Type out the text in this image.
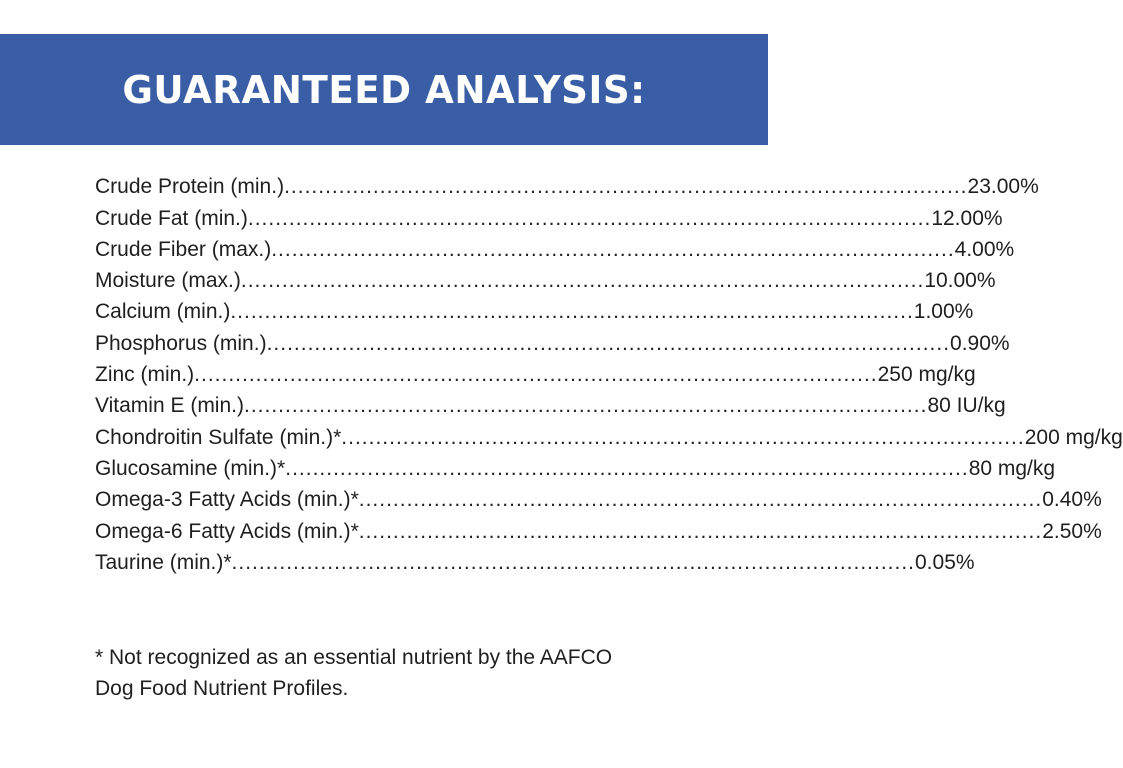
GUARANTEED ANALYSIS:
Crude Protein (min.) .................................................................................................... 23.00%
Crude Fat (min.) .................................................................................................... 12.00%
Crude Fiber (max.) .................................................................................................... 4.00%
Moisture (max.) .................................................................................................... 10.00%
Calcium (min.) .................................................................................................... 1.00%
Phosphorus (min.) .................................................................................................... 0.90%
Zinc (min.) .................................................................................................... 250 mg/kg
Vitamin E (min.) .................................................................................................... 80 IU/kg
Chondroitin Sulfate (min.)* .................................................................................................... 200 mg/kg
Glucosamine (min.)* .................................................................................................... 80 mg/kg
Omega-3 Fatty Acids (min.)* .................................................................................................... 0.40%
Omega-6 Fatty Acids (min.)* .................................................................................................... 2.50%
Taurine (min.)* .................................................................................................... 0.05%
* Not recognized as an essential nutrient by the AAFCO
Dog Food Nutrient Profiles.
